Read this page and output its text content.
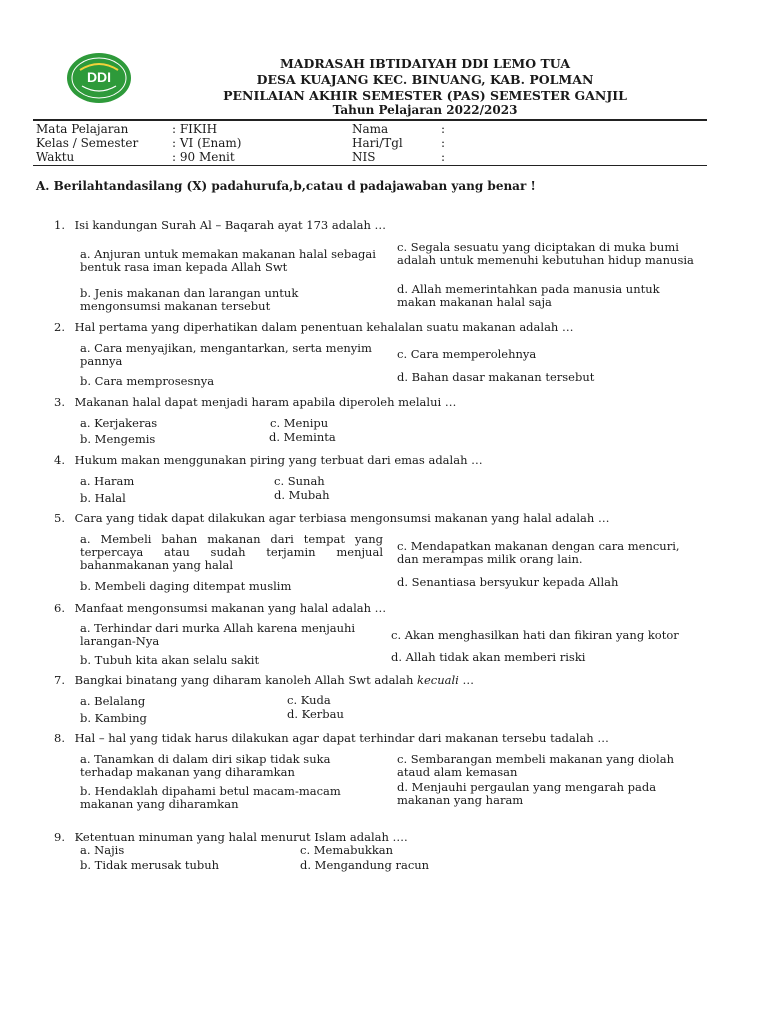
DDI
MADRASAH IBTIDAIYAH DDI LEMO TUA
DESA KUAJANG KEC. BINUANG, KAB. POLMAN
PENILAIAN AKHIR SEMESTER (PAS) SEMESTER GANJIL
Tahun Pelajaran 2022/2023
Mata Pelajaran	: FIKIH
Kelas / Semester	: VI (Enam)
Waktu	: 90 Menit
Nama	:
Hari/Tgl	:
NIS	:
A. Berilahtandasilang (X) padahurufa,b,catau d padajawaban yang benar !
1. Isi kandungan Surah Al – Baqarah ayat 173 adalah …
a. Anjuran untuk memakan makanan halal sebagai bentuk rasa iman kepada Allah Swt
b. Jenis makanan dan larangan untuk mengonsumsi makanan tersebut
c. Segala sesuatu yang diciptakan di muka bumi adalah untuk memenuhi kebutuhan hidup manusia
d. Allah memerintahkan pada manusia untuk makan makanan halal saja
2. Hal pertama yang diperhatikan dalam penentuan kehalalan suatu makanan adalah …
a. Cara menyajikan, mengantarkan, serta menyim pannya
b. Cara memprosesnya
c. Cara memperolehnya
d. Bahan dasar makanan tersebut
3. Makanan halal dapat menjadi haram apabila diperoleh melalui …
a. Kerjakeras
b. Mengemis
c. Menipu
d. Meminta
4. Hukum makan menggunakan piring yang terbuat dari emas adalah …
a. Haram
b. Halal
c. Sunah
d. Mubah
5. Cara yang tidak dapat dilakukan agar terbiasa mengonsumsi makanan yang halal adalah …
a. Membeli bahan makanan dari tempat yang terpercaya atau sudah terjamin menjual bahanmakanan yang halal
b. Membeli daging ditempat muslim
c. Mendapatkan makanan dengan cara mencuri, dan merampas milik orang lain.
d. Senantiasa bersyukur kepada Allah
6. Manfaat mengonsumsi makanan yang halal adalah …
a. Terhindar dari murka Allah karena menjauhi larangan-Nya
b. Tubuh kita akan selalu sakit
c. Akan menghasilkan hati dan fikiran yang kotor
d. Allah tidak akan memberi riski
7. Bangkai binatang yang diharam kanoleh Allah Swt adalah kecuali …
a. Belalang
b. Kambing
c. Kuda
d. Kerbau
8. Hal – hal yang tidak harus dilakukan agar dapat terhindar dari makanan tersebu tadalah …
a. Tanamkan di dalam diri sikap tidak suka terhadap makanan yang diharamkan
b. Hendaklah dipahami betul macam-macam makanan yang diharamkan
c. Sembarangan membeli makanan yang diolah ataud alam kemasan
d. Menjauhi pergaulan yang mengarah pada makanan yang haram
9. Ketentuan minuman yang halal menurut Islam adalah ….
a. Najis
b. Tidak merusak tubuh
c. Memabukkan
d. Mengandung racun
